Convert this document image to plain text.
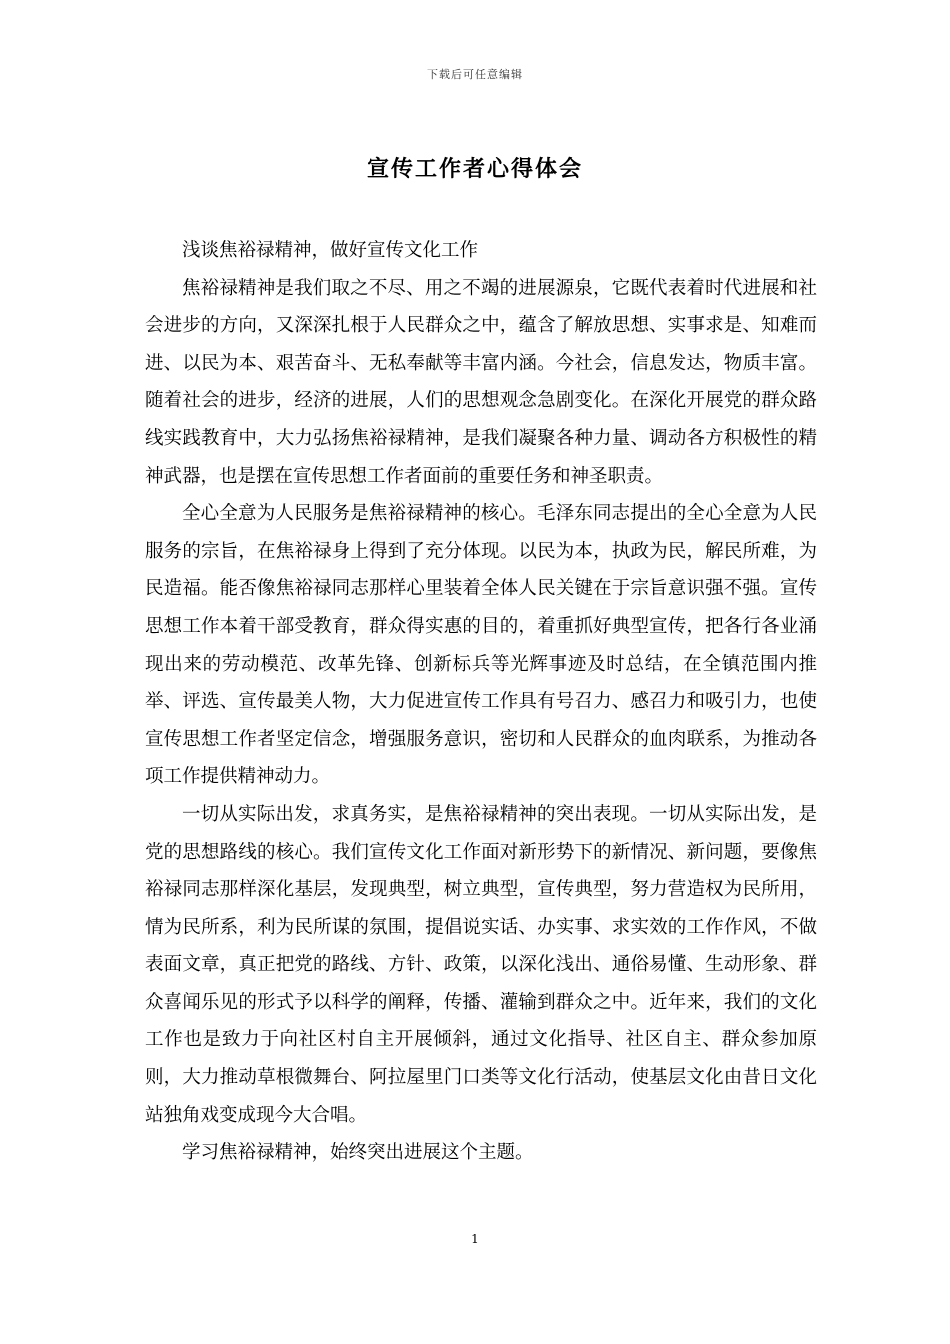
下载后可任意编辑
宣传工作者心得体会

浅谈焦裕禄精神，做好宣传文化工作

焦裕禄精神是我们取之不尽、用之不竭的进展源泉，它既代表着时代进展和社会进步的方向，又深深扎根于人民群众之中，蕴含了解放思想、实事求是、知难而进、以民为本、艰苦奋斗、无私奉献等丰富内涵。今社会，信息发达，物质丰富。随着社会的进步，经济的进展，人们的思想观念急剧变化。在深化开展党的群众路线实践教育中，大力弘扬焦裕禄精神，是我们凝聚各种力量、调动各方积极性的精神武器，也是摆在宣传思想工作者面前的重要任务和神圣职责。

全心全意为人民服务是焦裕禄精神的核心。毛泽东同志提出的全心全意为人民服务的宗旨，在焦裕禄身上得到了充分体现。以民为本，执政为民，解民所难，为民造福。能否像焦裕禄同志那样心里装着全体人民关键在于宗旨意识强不强。宣传思想工作本着干部受教育，群众得实惠的目的，着重抓好典型宣传，把各行各业涌现出来的劳动模范、改革先锋、创新标兵等光辉事迹及时总结，在全镇范围内推举、评选、宣传最美人物，大力促进宣传工作具有号召力、感召力和吸引力，也使宣传思想工作者坚定信念，增强服务意识，密切和人民群众的血肉联系，为推动各项工作提供精神动力。

一切从实际出发，求真务实，是焦裕禄精神的突出表现。一切从实际出发，是党的思想路线的核心。我们宣传文化工作面对新形势下的新情况、新问题，要像焦裕禄同志那样深化基层，发现典型，树立典型，宣传典型，努力营造权为民所用，情为民所系，利为民所谋的氛围，提倡说实话、办实事、求实效的工作作风，不做表面文章，真正把党的路线、方针、政策，以深化浅出、通俗易懂、生动形象、群众喜闻乐见的形式予以科学的阐释，传播、灌输到群众之中。近年来，我们的文化工作也是致力于向社区村自主开展倾斜，通过文化指导、社区自主、群众参加原则，大力推动草根微舞台、阿拉屋里门口类等文化行活动，使基层文化由昔日文化站独角戏变成现今大合唱。

学习焦裕禄精神，始终突出进展这个主题。

1
